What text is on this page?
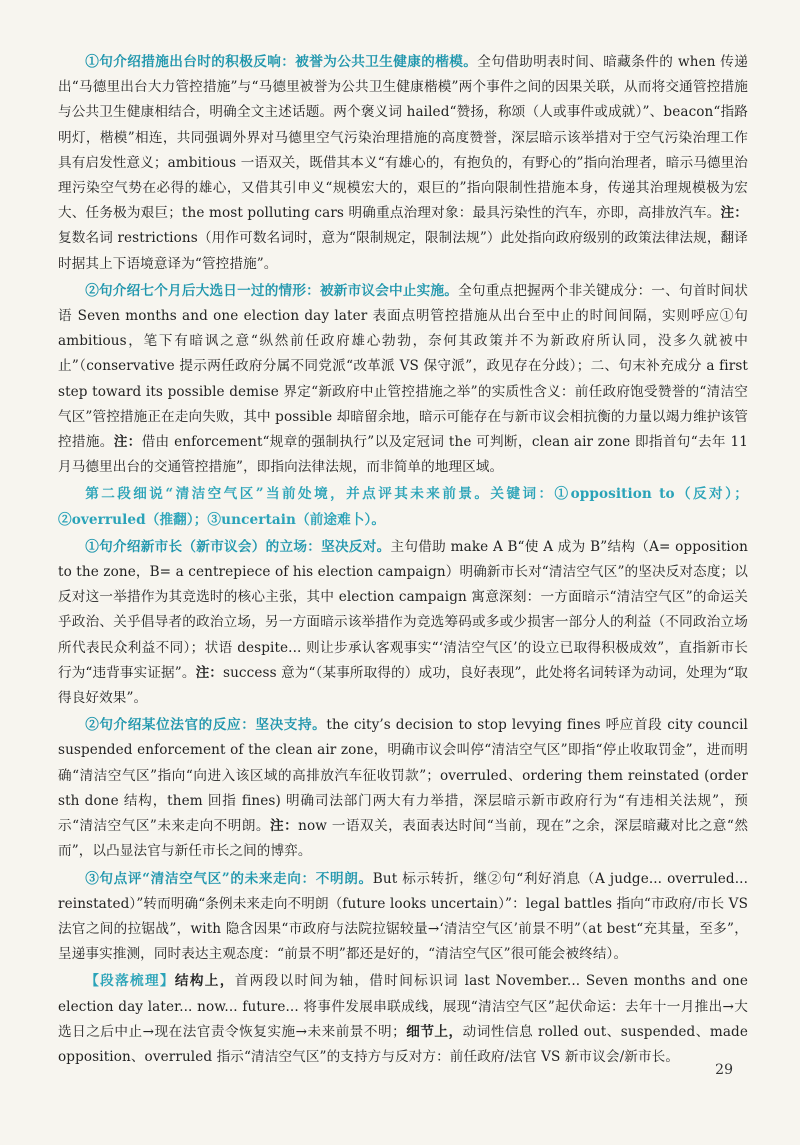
①句介绍措施出台时的积极反响：被誉为公共卫生健康的楷模。全句借助明表时间、暗藏条件的 when 传递出“马德里出台大力管控措施”与“马德里被誉为公共卫生健康楷模”两个事件之间的因果关联，从而将交通管控措施与公共卫生健康相结合，明确全文主述话题。两个褒义词 hailed“赞扬，称颂（人或事件或成就）”、beacon“指路明灯，楷模”相连，共同强调外界对马德里空气污染治理措施的高度赞誉，深层暗示该举措对于空气污染治理工作具有启发性意义；ambitious 一语双关，既借其本义“有雄心的，有抱负的，有野心的”指向治理者，暗示马德里治理污染空气势在必得的雄心，又借其引申义“规模宏大的，艰巨的”指向限制性措施本身，传递其治理规模极为宏大、任务极为艰巨；the most polluting cars 明确重点治理对象：最具污染性的汽车，亦即，高排放汽车。注：复数名词 restrictions（用作可数名词时，意为“限制规定，限制法规”）此处指向政府级别的政策法律法规，翻译时据其上下语境意译为“管控措施”。

②句介绍七个月后大选日一过的情形：被新市议会中止实施。全句重点把握两个非关键成分：一、句首时间状语 Seven months and one election day later 表面点明管控措施从出台至中止的时间间隔，实则呼应①句 ambitious，笔下有暗讽之意“纵然前任政府雄心勃勃，奈何其政策并不为新政府所认同，没多久就被中止”（conservative 提示两任政府分属不同党派“改革派 VS 保守派”，政见存在分歧）；二、句末补充成分 a first step toward its possible demise 界定“新政府中止管控措施之举”的实质性含义：前任政府饱受赞誉的“清洁空气区”管控措施正在走向失败，其中 possible 却暗留余地，暗示可能存在与新市议会相抗衡的力量以竭力维护该管控措施。注：借由 enforcement“规章的强制执行”以及定冠词 the 可判断，clean air zone 即指首句“去年 11 月马德里出台的交通管控措施”，即指向法律法规，而非简单的地理区域。

第二段细说“清洁空气区”当前处境，并点评其未来前景。关键词：①opposition to（反对）；②overruled（推翻）；③uncertain（前途难卜）。

①句介绍新市长（新市议会）的立场：坚决反对。主句借助 make A B“使 A 成为 B”结构（A= opposition to the zone，B= a centrepiece of his election campaign）明确新市长对“清洁空气区”的坚决反对态度；以反对这一举措作为其竞选时的核心主张，其中 election campaign 寓意深刻：一方面暗示“清洁空气区”的命运关乎政治、关乎倡导者的政治立场，另一方面暗示该举措作为竞选筹码或多或少损害一部分人的利益（不同政治立场所代表民众利益不同）；状语 despite... 则让步承认客观事实“‘清洁空气区’的设立已取得积极成效”，直指新市长行为“违背事实证据”。注：success 意为“（某事所取得的）成功，良好表现”，此处将名词转译为动词，处理为“取得良好效果”。

②句介绍某位法官的反应：坚决支持。the city’s decision to stop levying fines 呼应首段 city council suspended enforcement of the clean air zone，明确市议会叫停“清洁空气区”即指“停止收取罚金”，进而明确“清洁空气区”指向“向进入该区域的高排放汽车征收罚款”；overruled、ordering them reinstated (order sth done 结构，them 回指 fines) 明确司法部门两大有力举措，深层暗示新市政府行为“有违相关法规”，预示“清洁空气区”未来走向不明朗。注：now 一语双关，表面表达时间“当前，现在”之余，深层暗藏对比之意“然而”，以凸显法官与新任市长之间的博弈。

③句点评“清洁空气区”的未来走向：不明朗。But 标示转折，继②句“利好消息（A judge... overruled... reinstated）”转而明确“条例未来走向不明朗（future looks uncertain）”：legal battles 指向“市政府/市长 VS 法官之间的拉锯战”，with 隐含因果“市政府与法院拉锯较量→‘清洁空气区’前景不明”（at best“充其量，至多”，呈递事实推测，同时表达主观态度：“前景不明”都还是好的，“清洁空气区”很可能会被终结）。

【段落梳理】结构上，首两段以时间为轴，借时间标识词 last November... Seven months and one election day later... now... future... 将事件发展串联成线，展现“清洁空气区”起伏命运：去年十一月推出→大选日之后中止→现在法官责令恢复实施→未来前景不明；细节上，动词性信息 rolled out、suspended、made opposition、overruled 指示“清洁空气区”的支持方与反对方：前任政府/法官 VS 新市议会/新市长。

29
